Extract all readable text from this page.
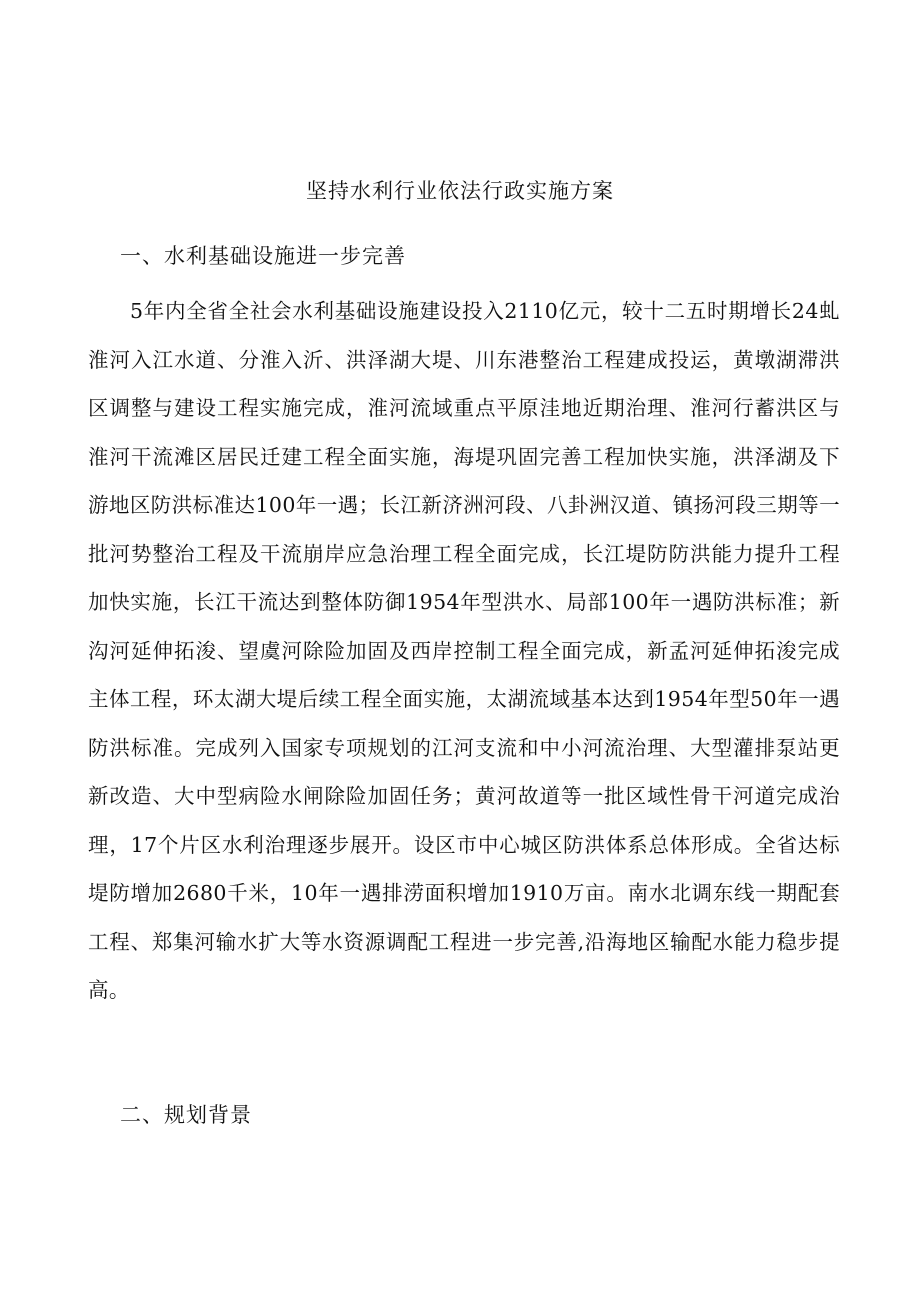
坚持水利行业依法行政实施方案
一、水利基础设施进一步完善

5年内全省全社会水利基础设施建设投入2110亿元，较十二五时期增长24虬淮河入江水道、分淮入沂、洪泽湖大堤、川东港整治工程建成投运，黄墩湖滞洪区调整与建设工程实施完成，淮河流域重点平原洼地近期治理、淮河行蓄洪区与淮河干流滩区居民迁建工程全面实施，海堤巩固完善工程加快实施，洪泽湖及下游地区防洪标准达100年一遇；长江新济洲河段、八卦洲汉道、镇扬河段三期等一批河势整治工程及干流崩岸应急治理工程全面完成，长江堤防防洪能力提升工程加快实施，长江干流达到整体防御1954年型洪水、局部100年一遇防洪标准；新沟河延伸拓浚、望虞河除险加固及西岸控制工程全面完成，新孟河延伸拓浚完成主体工程，环太湖大堤后续工程全面实施，太湖流域基本达到1954年型50年一遇防洪标准。完成列入国家专项规划的江河支流和中小河流治理、大型灌排泵站更新改造、大中型病险水闸除险加固任务；黄河故道等一批区域性骨干河道完成治理，17个片区水利治理逐步展开。设区市中心城区防洪体系总体形成。全省达标堤防增加2680千米，10年一遇排涝面积增加1910万亩。南水北调东线一期配套工程、郑集河输水扩大等水资源调配工程进一步完善,沿海地区输配水能力稳步提高。

二、规划背景
